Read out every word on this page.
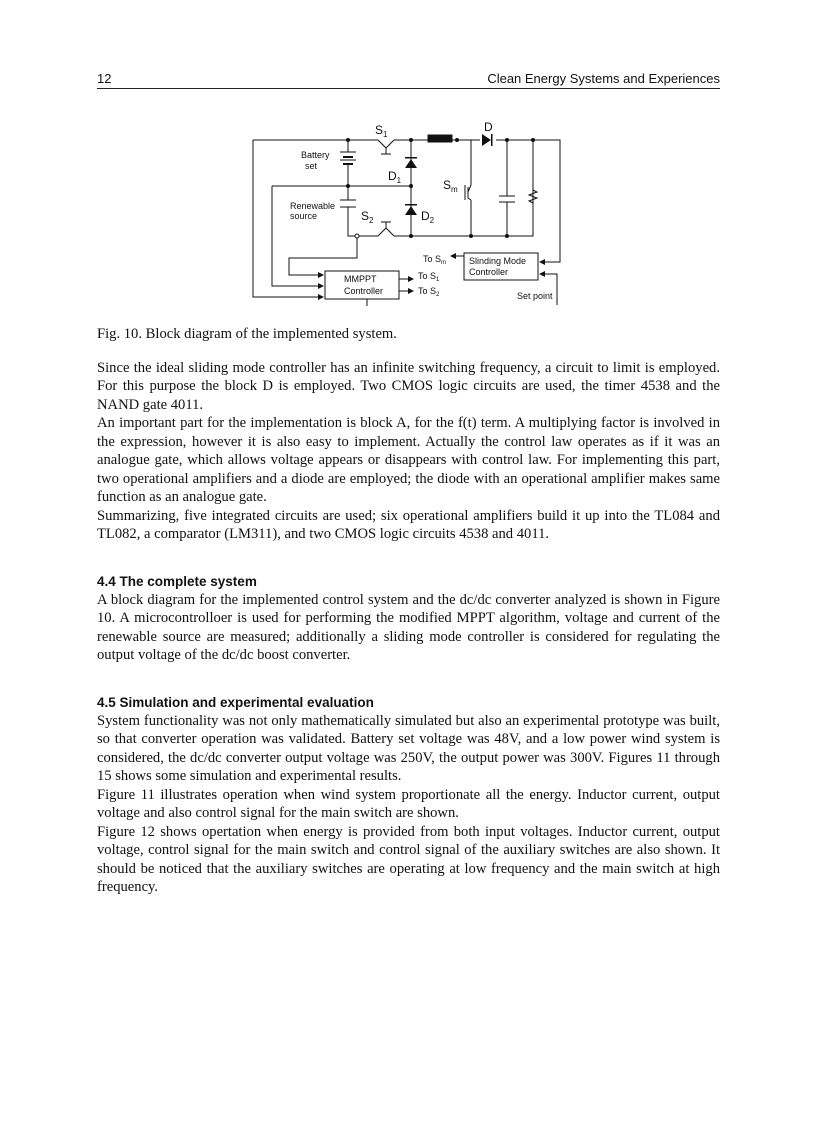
12	Clean Energy Systems and Experiences
$S_1$
D
Battery
set
$D_1$	$S_m$
Renewable
source	$S_2$	$D_2$
To $S_m$	Slinding Mode
Controller
MMPPT
Controller
To $S_1$
To $S_2$	Set point

Fig. 10. Block diagram of the implemented system.

Since the ideal sliding mode controller has an infinite switching frequency, a circuit to limit is employed. For this purpose the block D is employed. Two CMOS logic circuits are used, the timer 4538 and the NAND gate 4011.

An important part for the implementation is block A, for the f(t) term. A multiplying factor is involved in the expression, however it is also easy to implement. Actually the control law operates as if it was an analogue gate, which allows voltage appears or disappears with control law. For implementing this part, two operational amplifiers and a diode are employed; the diode with an operational amplifier makes same function as an analogue gate.

Summarizing, five integrated circuits are used; six operational amplifiers build it up into the TL084 and TL082, a comparator (LM311), and two CMOS logic circuits 4538 and 4011.

4.4 The complete system

A block diagram for the implemented control system and the dc/dc converter analyzed is shown in Figure 10. A microcontrolloer is used for performing the modified MPPT algorithm, voltage and current of the renewable source are measured; additionally a sliding mode controller is considered for regulating the output voltage of the dc/dc boost converter.

4.5 Simulation and experimental evaluation

System functionality was not only mathematically simulated but also an experimental prototype was built, so that converter operation was validated. Battery set voltage was 48V, and a low power wind system is considered, the dc/dc converter output voltage was 250V, the output power was 300V. Figures 11 through 15 shows some simulation and experimental results.

Figure 11 illustrates operation when wind system proportionate all the energy. Inductor current, output voltage and also control signal for the main switch are shown.

Figure 12 shows opertation when energy is provided from both input voltages. Inductor current, output voltage, control signal for the main switch and control signal of the auxiliary switches are also shown. It should be noticed that the auxiliary switches are operating at low frequency and the main switch at high frequency.
